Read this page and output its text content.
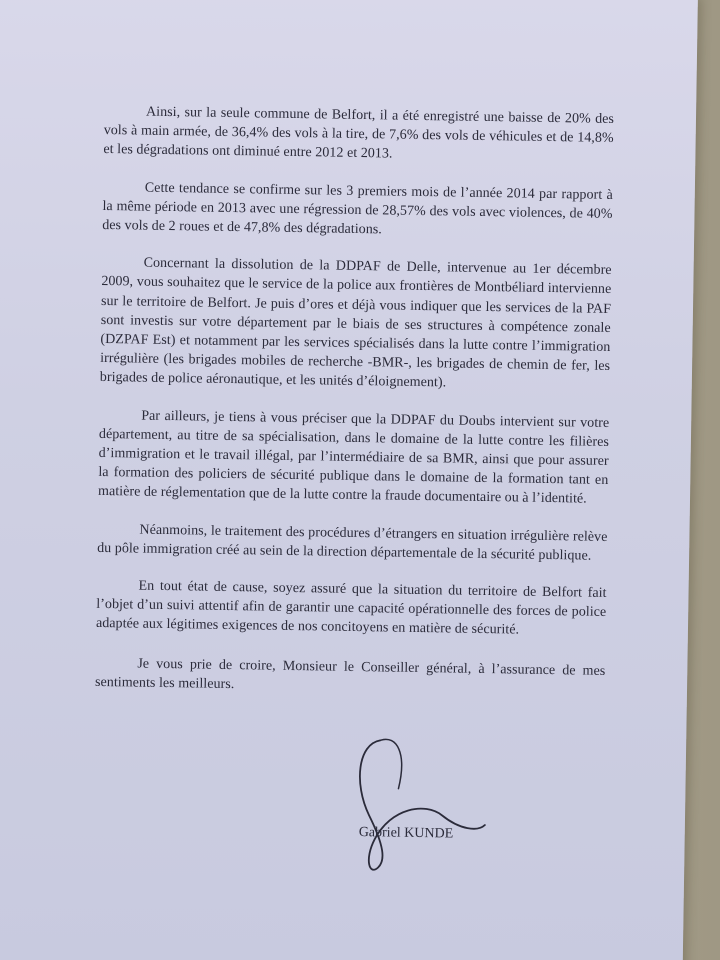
Ainsi, sur la seule commune de Belfort, il a été enregistré une baisse de 20% des vols à main armée, de 36,4% des vols à la tire, de 7,6% des vols de véhicules et de 14,8% et les dégradations ont diminué entre 2012 et 2013.

Cette tendance se confirme sur les 3 premiers mois de l’année 2014 par rapport à la même période en 2013 avec une régression de 28,57% des vols avec violences, de 40% des vols de 2 roues et de 47,8% des dégradations.

Concernant la dissolution de la DDPAF de Delle, intervenue au 1er décembre 2009, vous souhaitez que le service de la police aux frontières de Montbéliard intervienne sur le territoire de Belfort. Je puis d’ores et déjà vous indiquer que les services de la PAF sont investis sur votre département par le biais de ses structures à compétence zonale (DZPAF Est) et notamment par les services spécialisés dans la lutte contre l’immigration irrégulière (les brigades mobiles de recherche -BMR-, les brigades de chemin de fer, les brigades de police aéronautique, et les unités d’éloignement).

Par ailleurs, je tiens à vous préciser que la DDPAF du Doubs intervient sur votre département, au titre de sa spécialisation, dans le domaine de la lutte contre les filières d’immigration et le travail illégal, par l’intermédiaire de sa BMR, ainsi que pour assurer la formation des policiers de sécurité publique dans le domaine de la formation tant en matière de réglementation que de la lutte contre la fraude documentaire ou à l’identité.

Néanmoins, le traitement des procédures d’étrangers en situation irrégulière relève du pôle immigration créé au sein de la direction départementale de la sécurité publique.

En tout état de cause, soyez assuré que la situation du territoire de Belfort fait l’objet d’un suivi attentif afin de garantir une capacité opérationnelle des forces de police adaptée aux légitimes exigences de nos concitoyens en matière de sécurité.

Je vous prie de croire, Monsieur le Conseiller général, à l’assurance de mes sentiments les meilleurs.

Gabriel KUNDE
